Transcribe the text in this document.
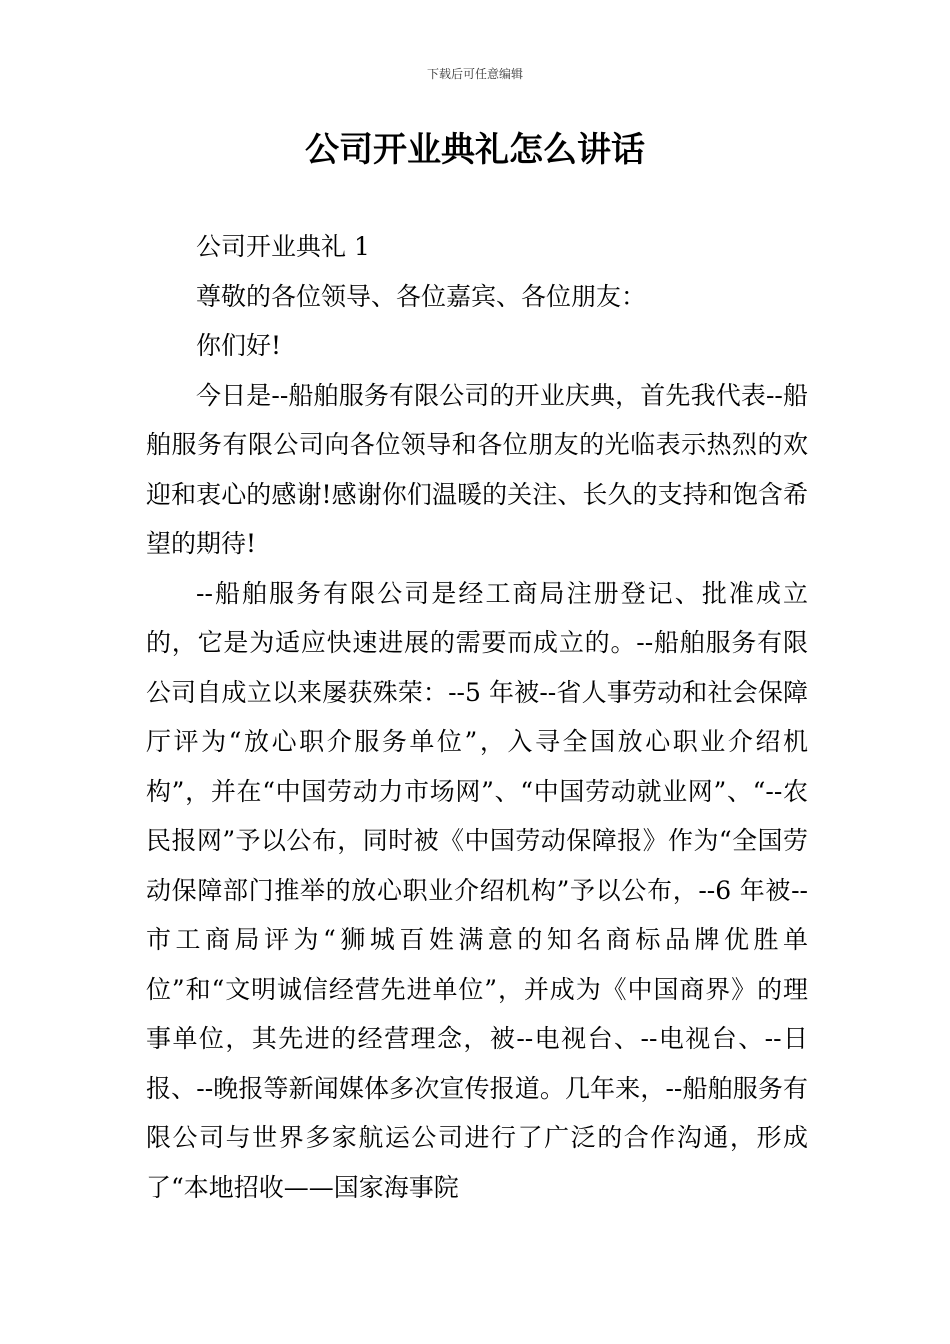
下载后可任意编辑
公司开业典礼怎么讲话

公司开业典礼 1

尊敬的各位领导、各位嘉宾、各位朋友：

你们好!

今日是--船舶服务有限公司的开业庆典，首先我代表--船舶服务有限公司向各位领导和各位朋友的光临表示热烈的欢迎和衷心的感谢!感谢你们温暖的关注、长久的支持和饱含希望的期待!

--船舶服务有限公司是经工商局注册登记、批准成立的，它是为适应快速进展的需要而成立的。--船舶服务有限公司自成立以来屡获殊荣：--5 年被--省人事劳动和社会保障厅评为“放心职介服务单位”，入寻全国放心职业介绍机构”，并在“中国劳动力市场网”、“中国劳动就业网”、“--农民报网”予以公布，同时被《中国劳动保障报》作为“全国劳动保障部门推举的放心职业介绍机构”予以公布，--6 年被--市工商局评为“狮城百姓满意的知名商标品牌优胜单位”和“文明诚信经营先进单位”，并成为《中国商界》的理事单位，其先进的经营理念，被--电视台、--电视台、--日报、--晚报等新闻媒体多次宣传报道。几年来，--船舶服务有限公司与世界多家航运公司进行了广泛的合作沟通，形成了“本地招收——国家海事院
